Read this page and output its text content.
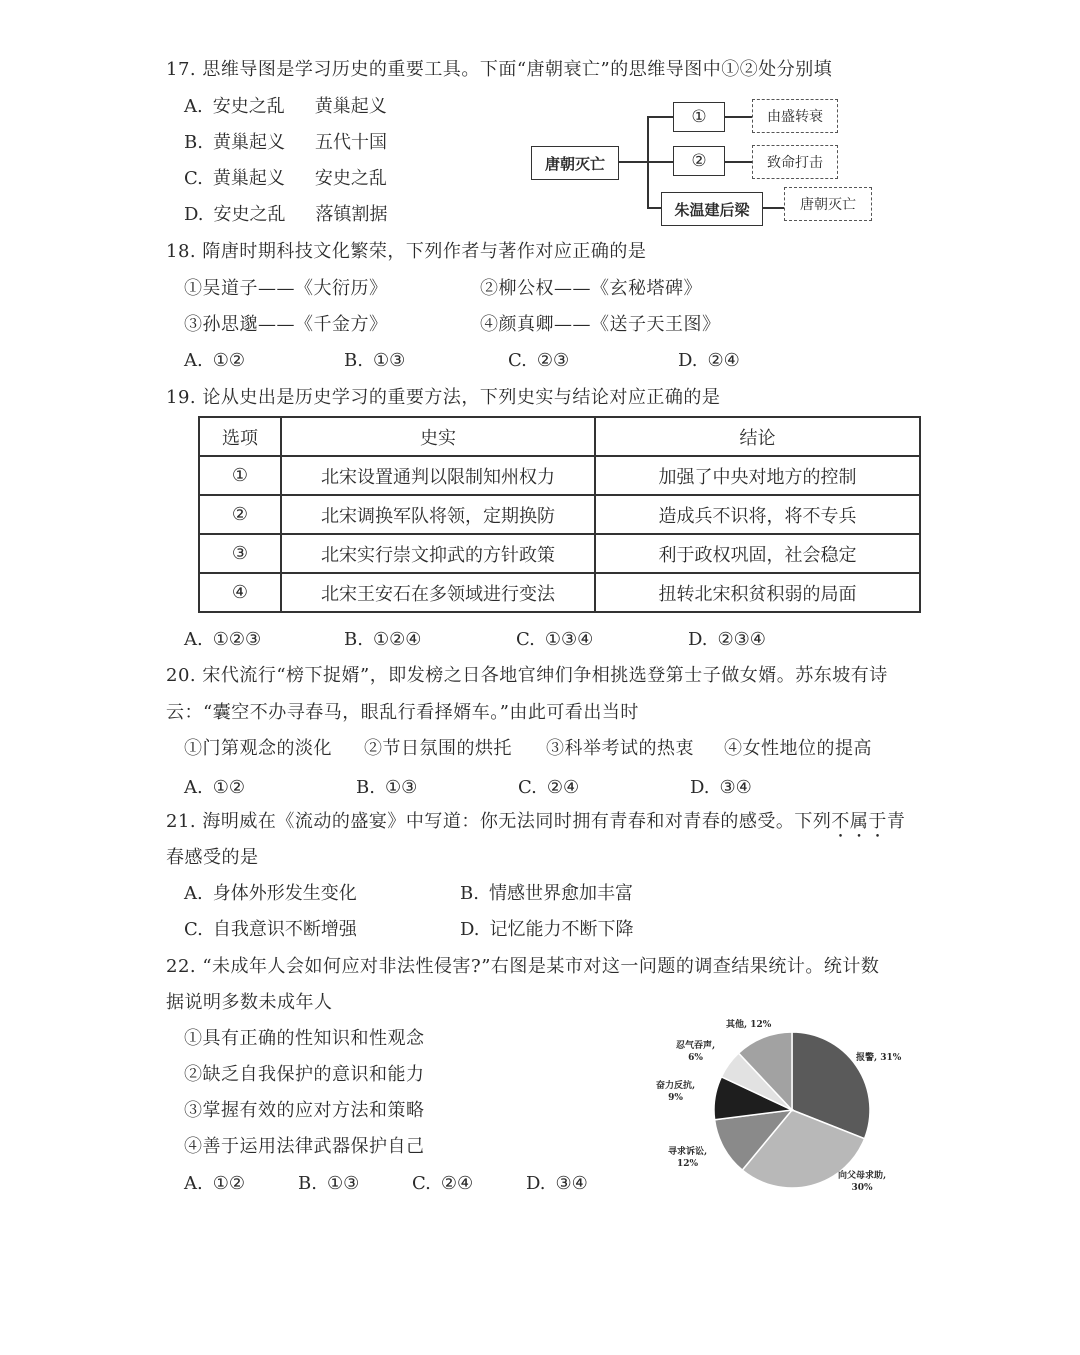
17. 思维导图是学习历史的重要工具。下面“唐朝衰亡”的思维导图中①②处分别填
A. 安史之乱 黄巢起义
B. 黄巢起义 五代十国
C. 黄巢起义 安史之乱
D. 安史之乱 落镇割据
唐朝灭亡
①
②
朱温建后梁
由盛转衰
致命打击
唐朝灭亡
18. 隋唐时期科技文化繁荣，下列作者与著作对应正确的是
①吴道子——《大衍历》	②柳公权——《玄秘塔碑》
③孙思邈——《千金方》	④颜真卿——《送子天王图》
A. ①②	B. ①③	C. ②③	D. ②④
19. 论从史出是历史学习的重要方法，下列史实与结论对应正确的是
选项	史实	结论
①	北宋设置通判以限制知州权力	加强了中央对地方的控制
②	北宋调换军队将领，定期换防	造成兵不识将，将不专兵
③	北宋实行崇文抑武的方针政策	利于政权巩固，社会稳定
④	北宋王安石在多领域进行变法	扭转北宋积贫积弱的局面
A. ①②③	B. ①②④	C. ①③④	D. ②③④
20. 宋代流行“榜下捉婿”，即发榜之日各地官绅们争相挑选登第士子做女婿。苏东坡有诗
云：“囊空不办寻春马，眼乱行看择婿车。”由此可看出当时
①门第观念的淡化 ②节日氛围的烘托 ③科举考试的热衷 ④女性地位的提高
A. ①②	B. ①③	C. ②④	D. ③④
21. 海明威在《流动的盛宴》中写道：你无法同时拥有青春和对青春的感受。下列不属于青
春感受的是
A. 身体外形发生变化	B. 情感世界愈加丰富
C. 自我意识不断增强	D. 记忆能力不断下降
22. “未成年人会如何应对非法性侵害?”右图是某市对这一问题的调查结果统计。统计数
据说明多数未成年人
①具有正确的性知识和性观念
②缺乏自我保护的意识和能力
③掌握有效的应对方法和策略
④善于运用法律武器保护自己
A. ①②	B. ①③	C. ②④	D. ③④
报警, 31%
向父母求助,
30%
寻求诉讼,
12%
奋力反抗,
9%
忍气吞声,
6%
其他, 12%
